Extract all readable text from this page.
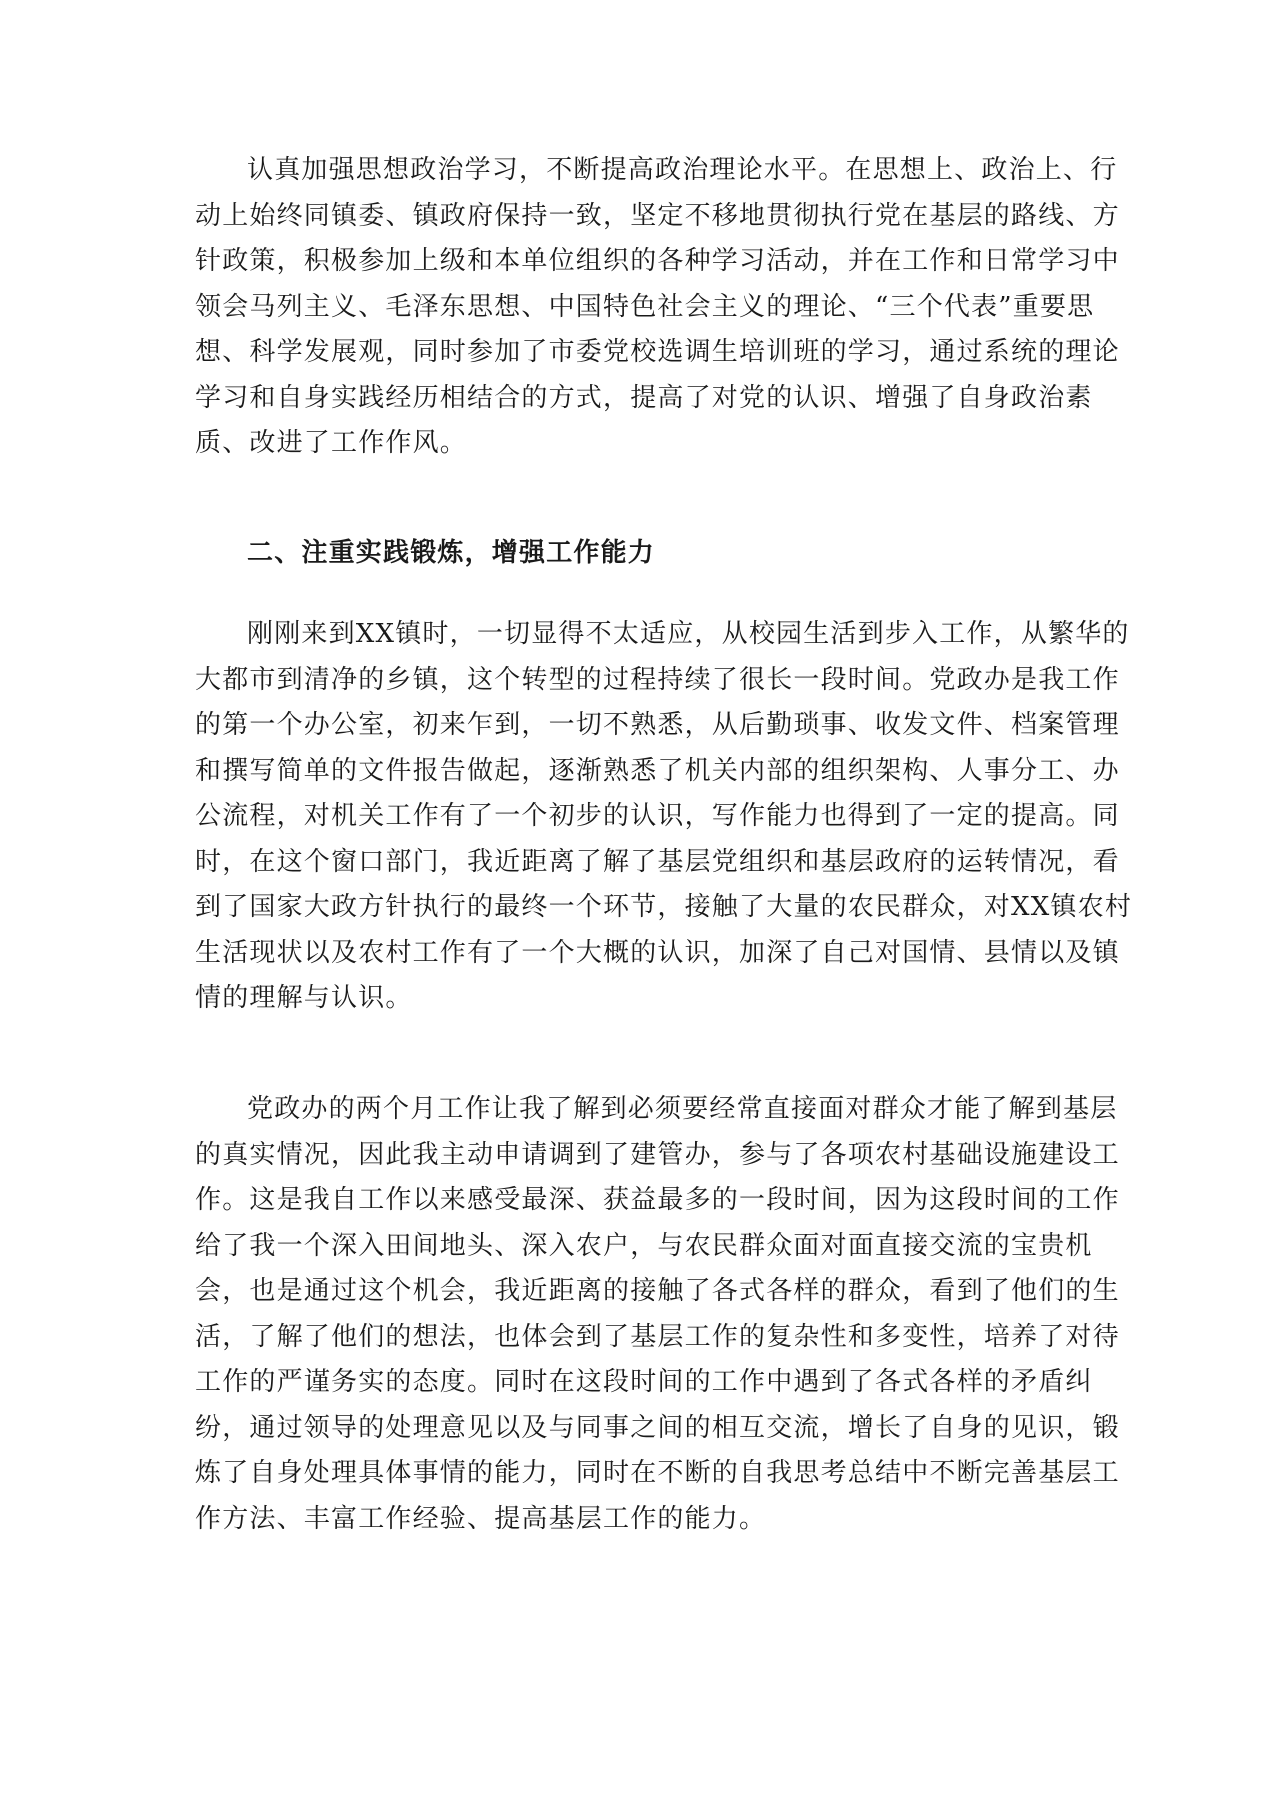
认真加强思想政治学习，不断提高政治理论水平。在思想上、政治上、行
动上始终同镇委、镇政府保持一致，坚定不移地贯彻执行党在基层的路线、方
针政策，积极参加上级和本单位组织的各种学习活动，并在工作和日常学习中
领会马列主义、毛泽东思想、中国特色社会主义的理论、“三个代表”重要思
想、科学发展观，同时参加了市委党校选调生培训班的学习，通过系统的理论
学习和自身实践经历相结合的方式，提高了对党的认识、增强了自身政治素
质、改进了工作作风。
二、注重实践锻炼，增强工作能力
刚刚来到XX镇时，一切显得不太适应，从校园生活到步入工作，从繁华的
大都市到清净的乡镇，这个转型的过程持续了很长一段时间。党政办是我工作
的第一个办公室，初来乍到，一切不熟悉，从后勤琐事、收发文件、档案管理
和撰写简单的文件报告做起，逐渐熟悉了机关内部的组织架构、人事分工、办
公流程，对机关工作有了一个初步的认识，写作能力也得到了一定的提高。同
时，在这个窗口部门，我近距离了解了基层党组织和基层政府的运转情况，看
到了国家大政方针执行的最终一个环节，接触了大量的农民群众，对XX镇农村
生活现状以及农村工作有了一个大概的认识，加深了自己对国情、县情以及镇
情的理解与认识。
党政办的两个月工作让我了解到必须要经常直接面对群众才能了解到基层
的真实情况，因此我主动申请调到了建管办，参与了各项农村基础设施建设工
作。这是我自工作以来感受最深、获益最多的一段时间，因为这段时间的工作
给了我一个深入田间地头、深入农户，与农民群众面对面直接交流的宝贵机
会，也是通过这个机会，我近距离的接触了各式各样的群众，看到了他们的生
活，了解了他们的想法，也体会到了基层工作的复杂性和多变性，培养了对待
工作的严谨务实的态度。同时在这段时间的工作中遇到了各式各样的矛盾纠
纷，通过领导的处理意见以及与同事之间的相互交流，增长了自身的见识，锻
炼了自身处理具体事情的能力，同时在不断的自我思考总结中不断完善基层工
作方法、丰富工作经验、提高基层工作的能力。
